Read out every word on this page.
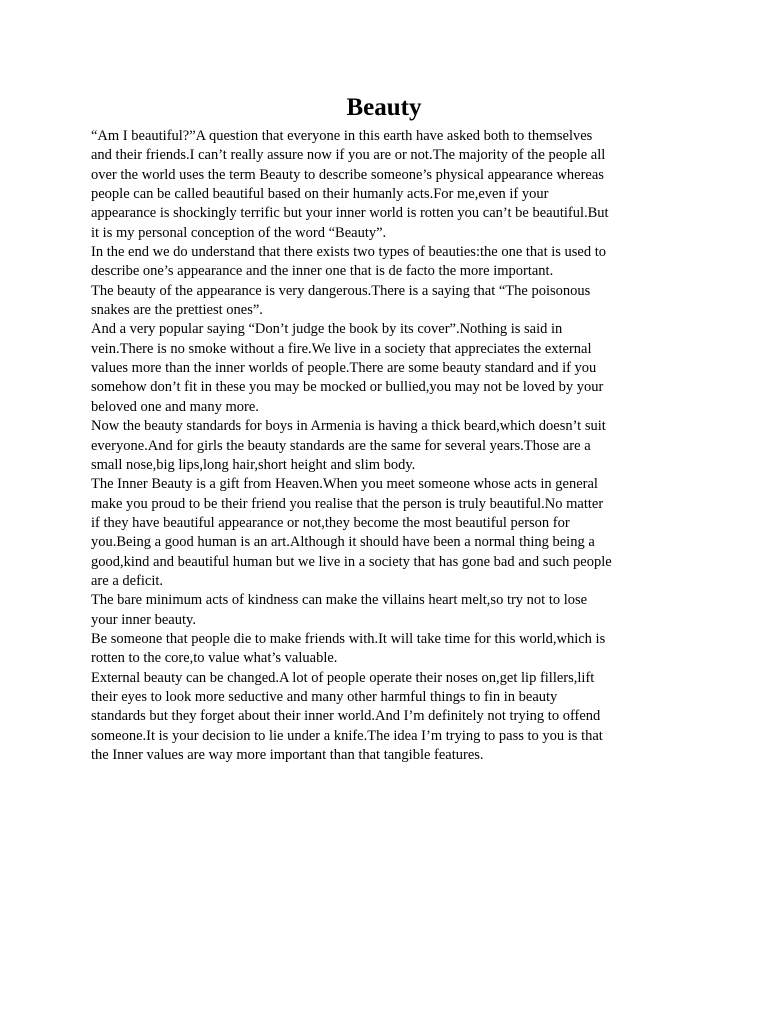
Beauty
“Am I beautiful?”A question that everyone in this earth have asked both to themselves
and their friends.I can’t really assure now if you are or not.The majority of the people all
over the world uses the term Beauty to describe someone’s physical appearance whereas
people can be called beautiful based on their humanly acts.For me,even if your
appearance is shockingly terrific but your inner world is rotten you can’t be beautiful.But
it is my personal conception of the word “Beauty”.
In the end we do understand that there exists two types of beauties:the one that is used to
describe one’s appearance and the inner one that is de facto the more important.
The beauty of the appearance is very dangerous.There is a saying that “The poisonous
snakes are the prettiest ones”.
And a very popular saying “Don’t judge the book by its cover”.Nothing is said in
vein.There is no smoke without a fire.We live in a society that appreciates the external
values more than the inner worlds of people.There are some beauty standard and if you
somehow don’t fit in these you may be mocked or bullied,you may not be loved by your
beloved one and many more.
Now the beauty standards for boys in Armenia is having a thick beard,which doesn’t suit
everyone.And for girls the beauty standards are the same for several years.Those are a
small nose,big lips,long hair,short height and slim body.
The Inner Beauty is a gift from Heaven.When you meet someone whose acts in general
make you proud to be their friend you realise that the person is truly beautiful.No matter
if they have beautiful appearance or not,they become the most beautiful person for
you.Being a good human is an art.Although it should have been a normal thing being a
good,kind and beautiful human but we live in a society that has gone bad and such people
are a deficit.
The bare minimum acts of kindness can make the villains heart melt,so try not to lose
your inner beauty.
Be someone that people die to make friends with.It will take time for this world,which is
rotten to the core,to value what’s valuable.
External beauty can be changed.A lot of people operate their noses on,get lip fillers,lift
their eyes to look more seductive and many other harmful things to fin in beauty
standards but they forget about their inner world.And I’m definitely not trying to offend
someone.It is your decision to lie under a knife.The idea I’m trying to pass to you is that
the Inner values are way more important than that tangible features.
